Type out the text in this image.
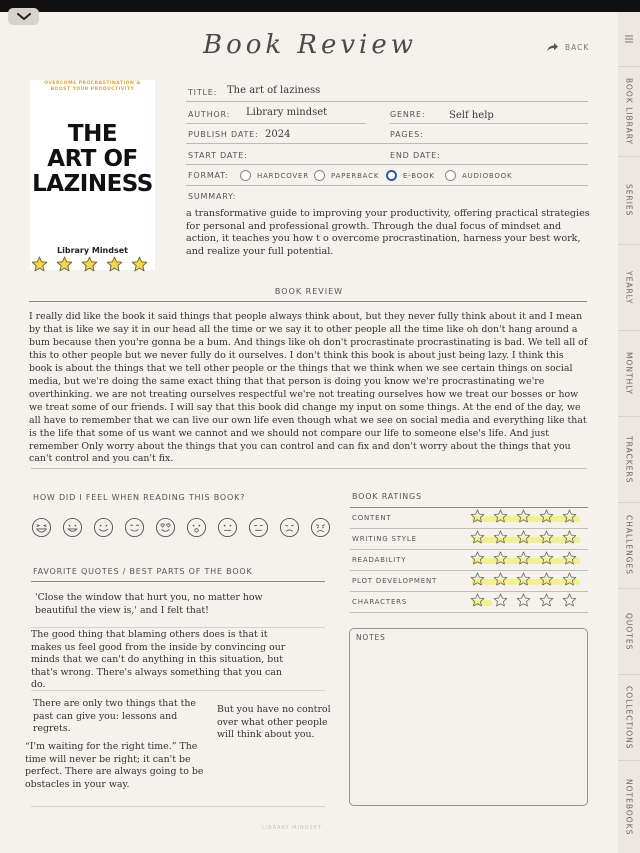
BOOK LIBRARY
SERIES
YEARLY
MONTHLY
TRACKERS
CHALLENGES
QUOTES
COLLECTIONS
NOTEBOOKS
Book Review	BACK
OVERCOME PROCRASTINATION &
BOOST YOUR PRODUCTIVITY
THE
ART OF
LAZINESS
Library Mindset
TITLE: The art of laziness
AUTHOR: Library mindset	GENRE: Self help
PUBLISH DATE: 2024	PAGES:
START DATE:	END DATE:
FORMAT:	HARDCOVER	PAPERBACK	E-BOOK	AUDIOBOOK
SUMMARY:
a transformative guide to improving your productivity, offering practical strategies for personal and professional growth. Through the dual focus of mindset and action, it teaches you how t o overcome procrastination, harness your best work, and realize your full potential.
BOOK REVIEW
I really did like the book it said things that people always think about, but they never fully think about it and I mean by that is like we say it in our head all the time or we say it to other people all the time like oh don't hang around a bum because then you're gonna be a bum. And things like oh don't procrastinate procrastinating is bad. We tell all of this to other people but we never fully do it ourselves. I don't think this book is about just being lazy. I think this book is about the things that we tell other people or the things that we think when we see certain things on social media, but we're doing the same exact thing that that person is doing you know we're procrastinating we're overthinking. we are not treating ourselves respectful we're not treating ourselves how we treat our bosses or how we treat some of our friends. I will say that this book did change my input on some things. At the end of the day, we all have to remember that we can live our own life even though what we see on social media and everything like that is the life that some of us want we cannot and we should not compare our life to someone else's life. And just remember Only worry about the things that you can control and can fix and don't worry about the things that you can't control and you can't fix.
HOW DID I FEEL WHEN READING THIS BOOK?
FAVORITE QUOTES / BEST PARTS OF THE BOOK
'Close the window that hurt you, no matter how beautiful the view is,' and I felt that!
The good thing that blaming others does is that it makes us feel good from the inside by convincing our minds that we can't do anything in this situation, but that's wrong. There's always something that you can do.
There are only two things that the past can give you: lessons and regrets.
But you have no control over what other people will think about you.
“I'm waiting for the right time.” The time will never be right; it can't be perfect. There are always going to be obstacles in your way.
BOOK RATINGS
CONTENT
WRITING STYLE
READABILITY
PLOT DEVELOPMENT
CHARACTERS
NOTES
LIBRARY MINDSET
